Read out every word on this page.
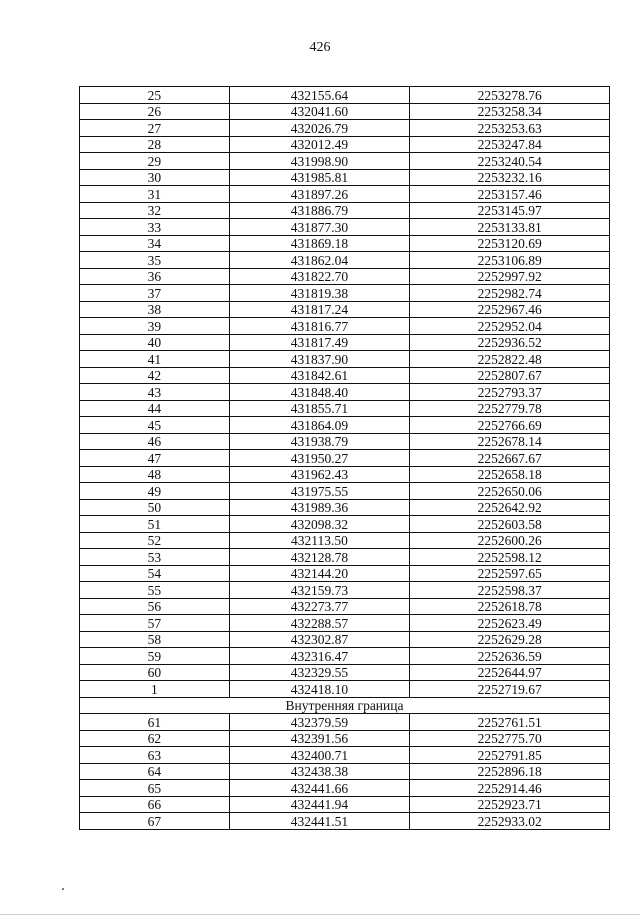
426
25	432155.64	2253278.76
26	432041.60	2253258.34
27	432026.79	2253253.63
28	432012.49	2253247.84
29	431998.90	2253240.54
30	431985.81	2253232.16
31	431897.26	2253157.46
32	431886.79	2253145.97
33	431877.30	2253133.81
34	431869.18	2253120.69
35	431862.04	2253106.89
36	431822.70	2252997.92
37	431819.38	2252982.74
38	431817.24	2252967.46
39	431816.77	2252952.04
40	431817.49	2252936.52
41	431837.90	2252822.48
42	431842.61	2252807.67
43	431848.40	2252793.37
44	431855.71	2252779.78
45	431864.09	2252766.69
46	431938.79	2252678.14
47	431950.27	2252667.67
48	431962.43	2252658.18
49	431975.55	2252650.06
50	431989.36	2252642.92
51	432098.32	2252603.58
52	432113.50	2252600.26
53	432128.78	2252598.12
54	432144.20	2252597.65
55	432159.73	2252598.37
56	432273.77	2252618.78
57	432288.57	2252623.49
58	432302.87	2252629.28
59	432316.47	2252636.59
60	432329.55	2252644.97
1	432418.10	2252719.67
Внутренняя граница		
61	432379.59	2252761.51
62	432391.56	2252775.70
63	432400.71	2252791.85
64	432438.38	2252896.18
65	432441.66	2252914.46
66	432441.94	2252923.71
67	432441.51	2252933.02
